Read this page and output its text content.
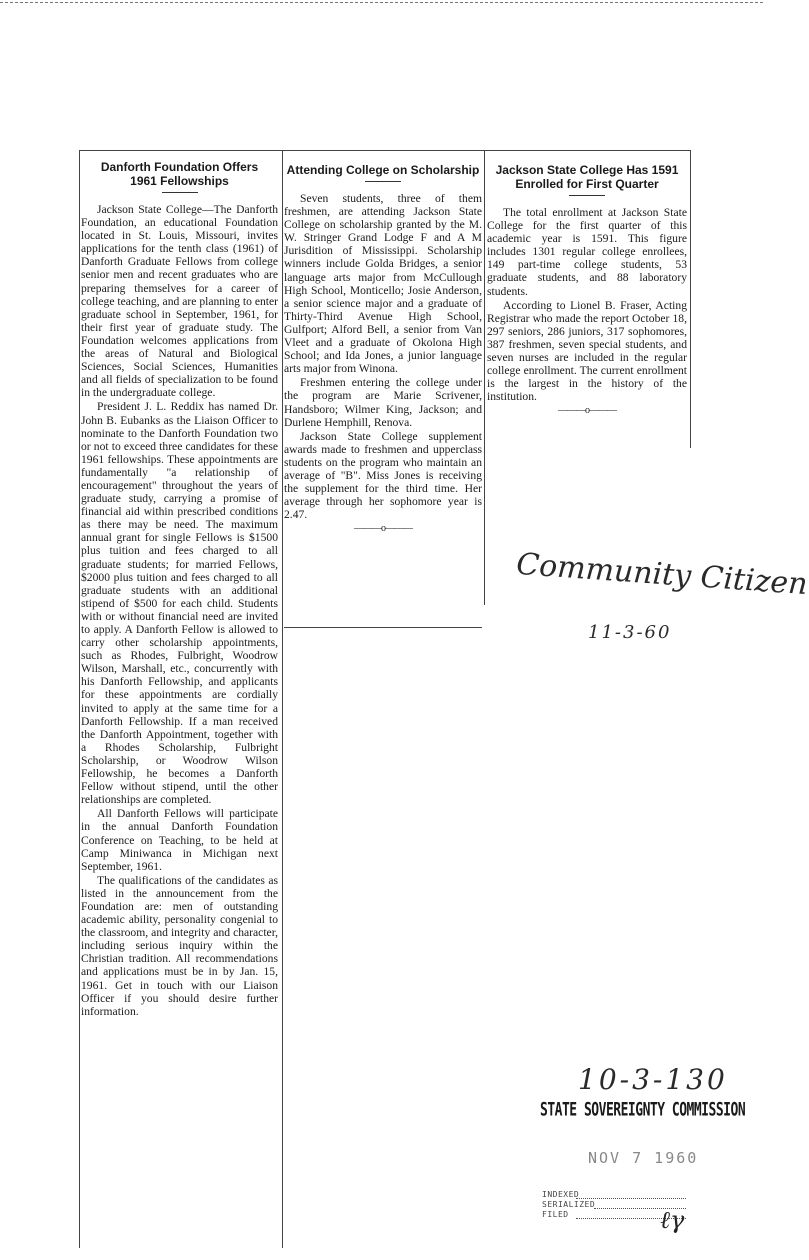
Danforth Foundation Offers
1961 Fellowships

Jackson State College—The Danforth Foundation, an educational Foundation located in St. Louis, Missouri, invites applications for the tenth class (1961) of Danforth Graduate Fellows from college senior men and recent graduates who are preparing themselves for a career of college teaching, and are planning to enter graduate school in September, 1961, for their first year of graduate study. The Foundation welcomes applications from the areas of Natural and Biological Sciences, Social Sciences, Humanities and all fields of specialization to be found in the undergraduate college.

President J. L. Reddix has named Dr. John B. Eubanks as the Liaison Officer to nominate to the Danforth Foundation two or not to exceed three candidates for these 1961 fellowships. These appointments are fundamentally "a relationship of encouragement" throughout the years of graduate study, carrying a promise of financial aid within prescribed conditions as there may be need. The maximum annual grant for single Fellows is $1500 plus tuition and fees charged to all graduate students; for married Fellows, $2000 plus tuition and fees charged to all graduate students with an additional stipend of $500 for each child. Students with or without financial need are invited to apply. A Danforth Fellow is allowed to carry other scholarship appointments, such as Rhodes, Fulbright, Woodrow Wilson, Marshall, etc., concurrently with his Danforth Fellowship, and applicants for these appointments are cordially invited to apply at the same time for a Danforth Fellowship. If a man received the Danforth Appointment, together with a Rhodes Scholarship, Fulbright Scholarship, or Woodrow Wilson Fellowship, he becomes a Danforth Fellow without stipend, until the other relationships are completed.

All Danforth Fellows will participate in the annual Danforth Foundation Conference on Teaching, to be held at Camp Miniwanca in Michigan next September, 1961.

The qualifications of the candidates as listed in the announcement from the Foundation are: men of outstanding academic ability, personality congenial to the classroom, and integrity and character, including serious inquiry within the Christian tradition. All recommendations and applications must be in by Jan. 15, 1961. Get in touch with our Liaison Officer if you should desire further information.

Attending College on Scholarship

Seven students, three of them freshmen, are attending Jackson State College on scholarship granted by the M. W. Stringer Grand Lodge F and A M Jurisdition of Mississippi. Scholarship winners include Golda Bridges, a senior language arts major from McCullough High School, Monticello; Josie Anderson, a senior science major and a graduate of Thirty-Third Avenue High School, Gulfport; Alford Bell, a senior from Van Vleet and a graduate of Okolona High School; and Ida Jones, a junior language arts major from Winona.

Freshmen entering the college under the program are Marie Scrivener, Handsboro; Wilmer King, Jackson; and Durlene Hemphill, Renova.

Jackson State College supplement awards made to freshmen and upperclass students on the program who maintain an average of "B". Miss Jones is receiving the supplement for the third time. Her average through her sophomore year is 2.47.

———o———
Jackson State College Has 1591
Enrolled for First Quarter

The total enrollment at Jackson State College for the first quarter of this academic year is 1591. This figure includes 1301 regular college enrollees, 149 part-time college students, 53 graduate students, and 88 laboratory students.

According to Lionel B. Fraser, Acting Registrar who made the report October 18, 297 seniors, 286 juniors, 317 sophomores, 387 freshmen, seven special students, and seven nurses are included in the regular college enrollment. The current enrollment is the largest in the history of the institution.

———o———
Community Citizen
11-3-60
10-3-130
STATE SOVEREIGNTY COMMISSION
NOV 7 1960
INDEXED
SERIALIZED
FILED	ℓγ
